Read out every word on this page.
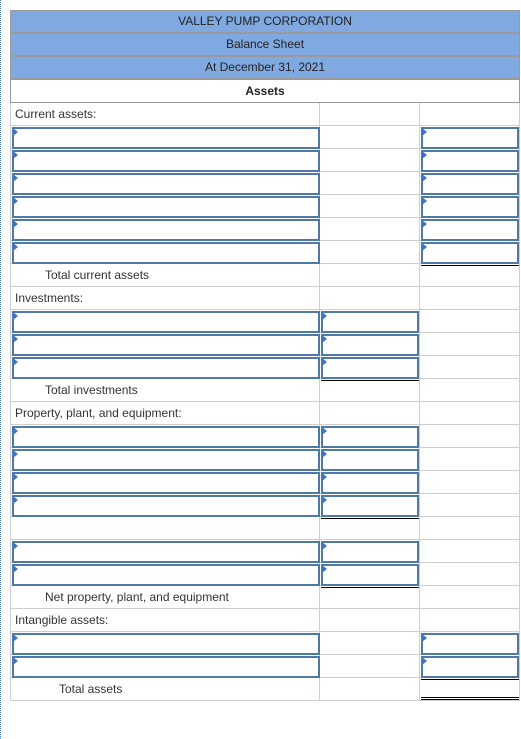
VALLEY PUMP CORPORATION
Balance Sheet
At December 31, 2021
Assets
Current assets:
Total current assets
Investments:
Total investments
Property, plant, and equipment:
Net property, plant, and equipment
Intangible assets:
Total assets
